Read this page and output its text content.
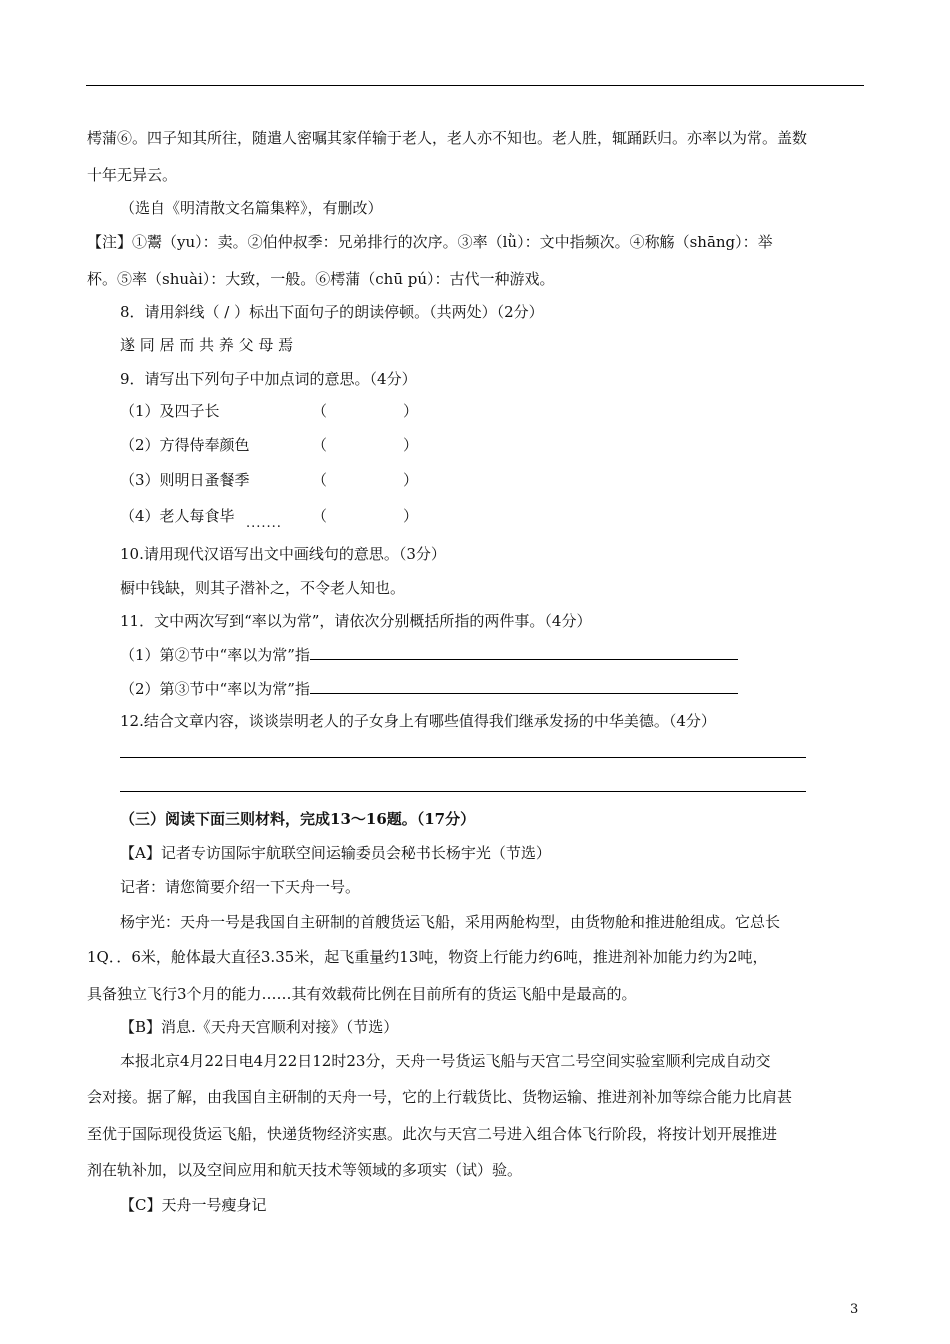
樗蒲⑥。四子知其所往，随遣人密嘱其家佯输于老人，老人亦不知也。老人胜，辄踊跃归。亦率以为常。盖数
十年无异云。
（选自《明清散文名篇集粹》，有删改）
【注】①鬻（yu）：卖。②伯仲叔季：兄弟排行的次序。③率（lǜ）：文中指频次。④称觞（shāng）：举
杯。⑤率（shuài）：大致，一般。⑥樗蒲（chū pú）：古代一种游戏。
8．请用斜线（ / ）标出下面句子的朗读停顿。（共两处）（2分）
遂 同 居 而 共 养 父 母 焉
9．请写出下列句子中加点词的意思。（4分）
（1）及四子长	（	）
（2）方得侍奉颜色	（	）
（3）则明日蚤餐季	（	）
（4）老人每食毕 ....... （	）
10.请用现代汉语写出文中画线句的意思。（3分）
橱中钱缺，则其子潜补之，不令老人知也。
11．文中两次写到“率以为常”，请依次分别概括所指的两件事。（4分）
（1）第②节中“率以为常”指
（2）第③节中“率以为常”指
12.结合文章内容，谈谈崇明老人的子女身上有哪些值得我们继承发扬的中华美德。（4分）
（三）阅读下面三则材料，完成13～16题。（17分）
【A】记者专访国际宇航联空间运输委员会秘书长杨宇光（节选）
记者：请您简要介绍一下天舟一号。
杨宇光：天舟一号是我国自主研制的首艘货运飞船，采用两舱构型，由货物舱和推进舱组成。它总长
1Q．．6米，舱体最大直径3.35米，起飞重量约13吨，物资上行能力约6吨，推进剂补加能力约为2吨，
具备独立飞行3个月的能力……其有效载荷比例在目前所有的货运飞船中是最高的。
【B】消息.《天舟天宫顺利对接》（节选）
本报北京4月22日电4月22日12时23分，天舟一号货运飞船与天宫二号空间实验室顺利完成自动交
会对接。据了解，由我国自主研制的天舟一号，它的上行载货比、货物运输、推进剂补加等综合能力比肩甚
至优于国际现役货运飞船，快递货物经济实惠。此次与天宫二号进入组合体飞行阶段，将按计划开展推进
剂在轨补加，以及空间应用和航天技术等领域的多项实（试）验。
【C】天舟一号瘦身记
3
